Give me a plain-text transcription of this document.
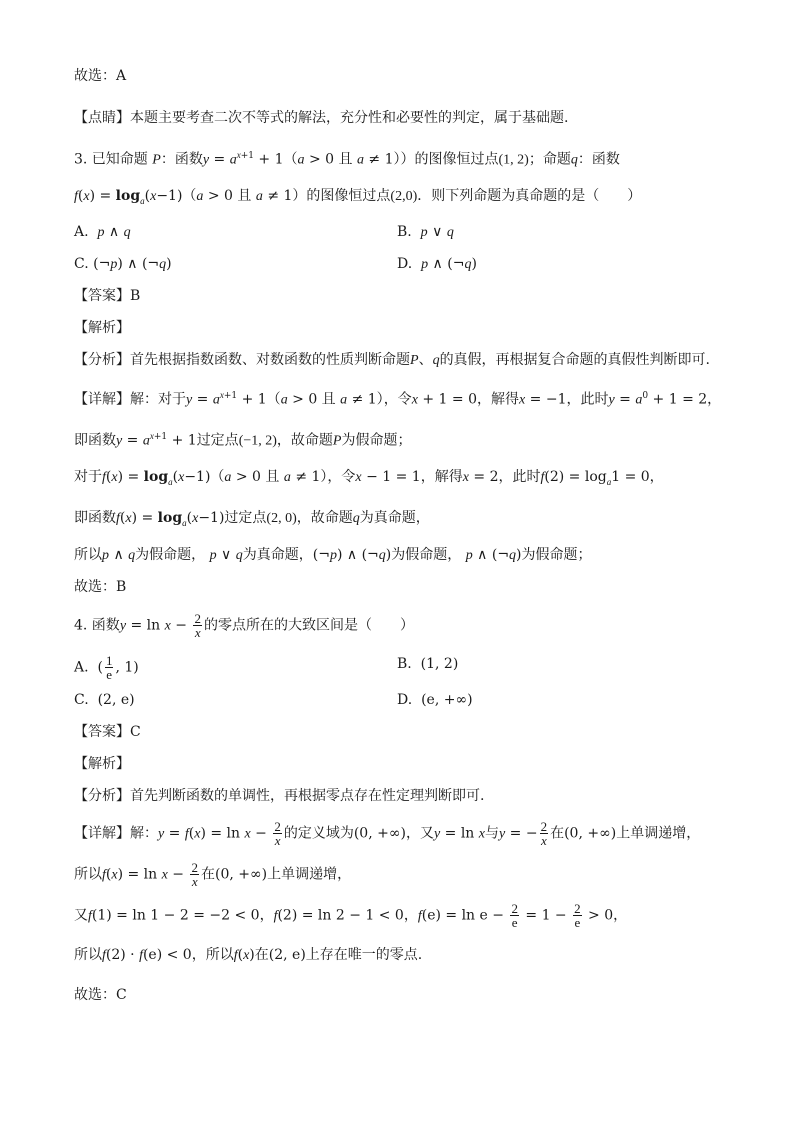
故选：A
【点睛】本题主要考查二次不等式的解法，充分性和必要性的判定，属于基础题.
3. 已知命题 P：函数$y = a^{x+1} + 1(a > 0$ 且 a ≠ 1））的图像恒过点(1, 2)；命题q：函数
$f(x) = \log_a(x-1)(a > 0$ 且 a ≠ 1）的图像恒过点(2,0)．则下列命题为真命题的是（　　）
A. p ∧ q	B. p ∨ q
C. (¬p) ∧ (¬q)	D. p ∧ (¬q)
【答案】B
【解析】
【分析】首先根据指数函数、对数函数的性质判断命题P、q的真假，再根据复合命题的真假性判断即可.
【详解】解：对于$y = a^{x+1} + 1(a > 0$ 且 a ≠ 1），令x + 1 = 0，解得x = −1，此时$y = a^0 + 1 = 2$，
即函数$y = a^{x+1} + 1$过定点(−1, 2)，故命题P为假命题；
对于$f(x) = \log_a(x-1)(a > 0$ 且 a ≠ 1），令x − 1 = 1，解得x = 2，此时$f(2) = \log_a1 = 0$，
即函数$f(x) = \log_a(x-1)$过定点(2, 0)，故命题q为真命题，
所以p ∧ q为假命题， p ∨ q为真命题，(¬p) ∧ (¬q)为假命题， p ∧ (¬q)为假命题；
故选：B
4. 函数$y = \ln x - \frac{2}{x}$ 的零点所在的大致区间是（　　）
A.  ( $\frac{1}{e}$ , 1)	B.  (1, 2)
C.  (2, e)	D.  (e, +∞)
【答案】C
【解析】
【分析】首先判断函数的单调性，再根据零点存在性定理判断即可.
【详解】解：$y = f(x) = \ln x - \frac{2}{x}$ 的定义域为(0, +∞)，又y = ln x与y = − $\frac{2}{x}$ 在(0, +∞)上单调递增，
所以$f(x) = \ln x - \frac{2}{x}$ 在(0, +∞)上单调递增，
又f(1) = ln 1 − 2 = −2 < 0，f(2) = ln 2 − 1 < 0，$f(e) = \ln e - \frac{2}{e} = 1 - \frac{2}{e} > 0$，
所以f(2) · f(e) < 0，所以f(x)在(2, e)上存在唯一的零点.
故选：C
